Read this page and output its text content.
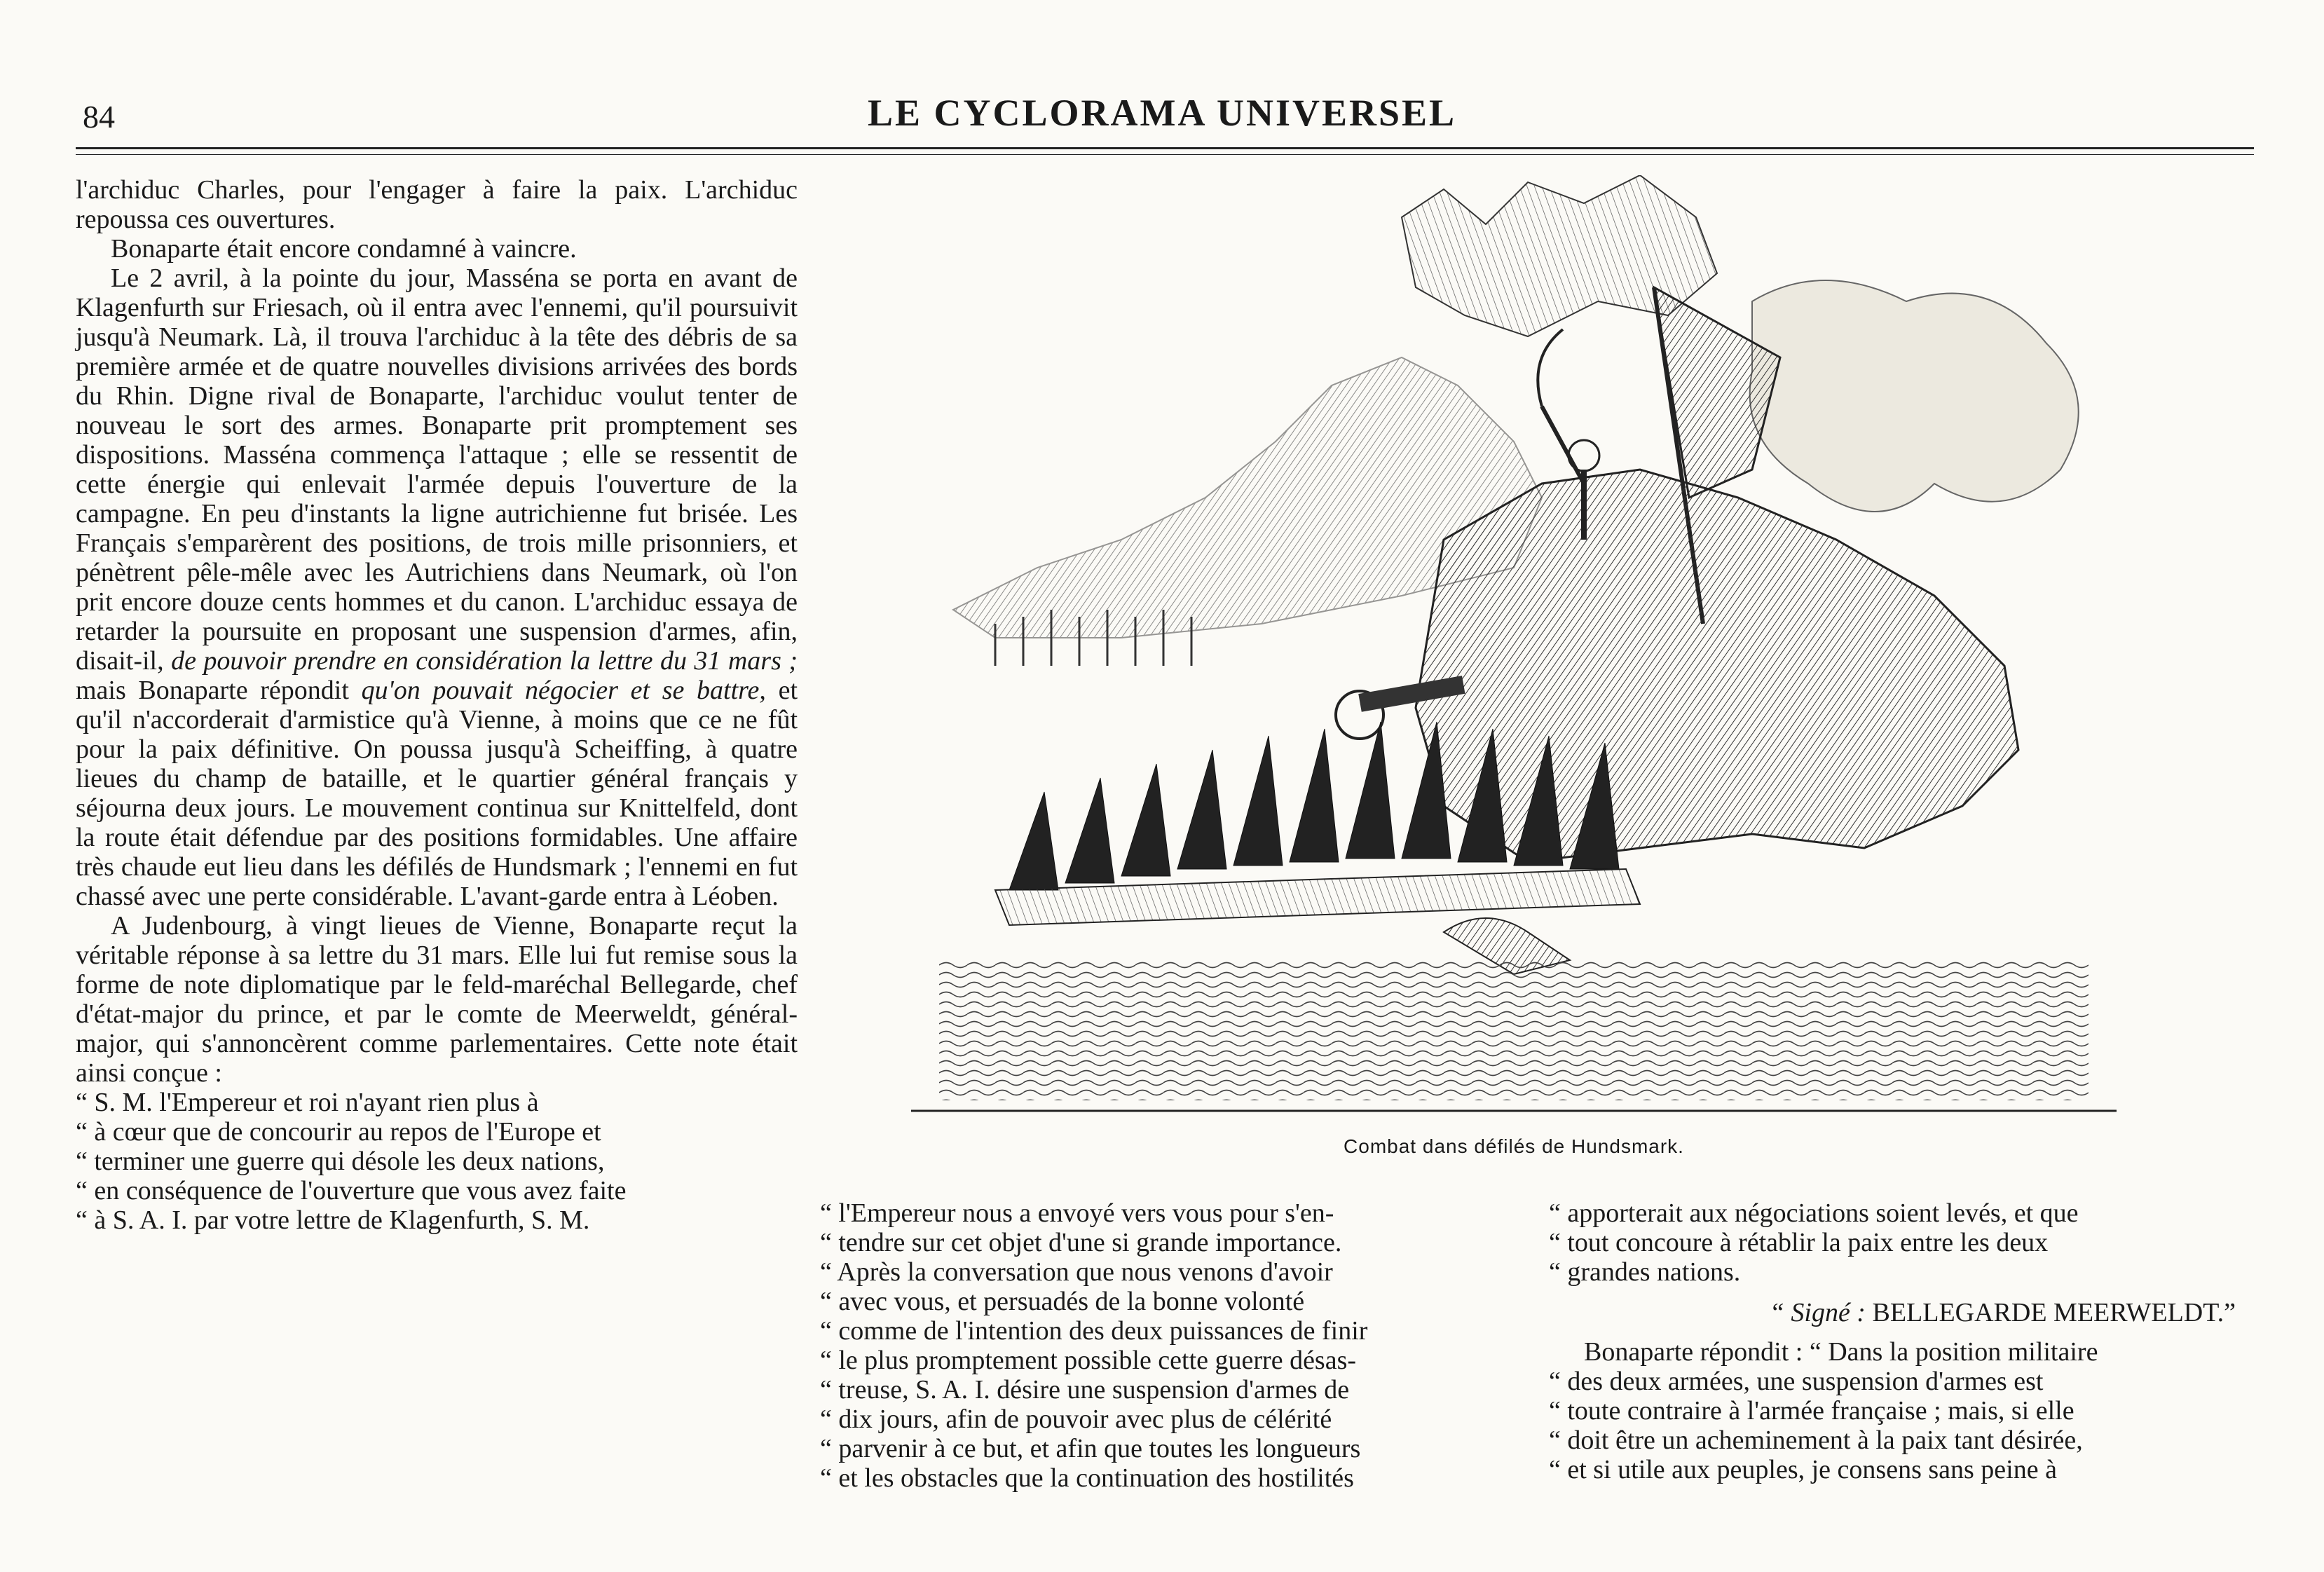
84	LE CYCLORAMA UNIVERSEL

l'archiduc Charles, pour l'engager à faire la paix. L'archiduc repoussa ces ouvertures.

Bonaparte était encore condamné à vaincre.

Le 2 avril, à la pointe du jour, Masséna se porta en avant de Klagenfurth sur Friesach, où il entra avec l'ennemi, qu'il poursuivit jusqu'à Neumark. Là, il trouva l'archiduc à la tête des débris de sa première armée et de quatre nouvelles divisions arrivées des bords du Rhin. Digne rival de Bonaparte, l'archiduc voulut tenter de nouveau le sort des armes. Bonaparte prit promptement ses dispositions. Masséna commença l'attaque ; elle se ressentit de cette énergie qui enlevait l'armée depuis l'ouverture de la campagne. En peu d'instants la ligne autrichienne fut brisée. Les Français s'emparèrent des positions, de trois mille prisonniers, et pénètrent pêle-mêle avec les Autrichiens dans Neumark, où l'on prit encore douze cents hommes et du canon. L'archiduc essaya de retarder la poursuite en proposant une suspension d'armes, afin, disait-il, de pouvoir prendre en considération la lettre du 31 mars ; mais Bonaparte répondit qu'on pouvait négocier et se battre, et qu'il n'accorderait d'armistice qu'à Vienne, à moins que ce ne fût pour la paix définitive. On poussa jusqu'à Scheiffing, à quatre lieues du champ de bataille, et le quartier général français y séjourna deux jours. Le mouvement continua sur Knittelfeld, dont la route était défendue par des positions formidables. Une affaire très chaude eut lieu dans les défilés de Hundsmark ; l'ennemi en fut chassé avec une perte considérable. L'avant-garde entra à Léoben.

A Judenbourg, à vingt lieues de Vienne, Bonaparte reçut la véritable réponse à sa lettre du 31 mars. Elle lui fut remise sous la forme de note diplomatique par le feld-maréchal Bellegarde, chef d'état-major du prince, et par le comte de Meerweldt, général-major, qui s'annoncèrent comme parlementaires. Cette note était ainsi conçue :

“ S. M. l'Empereur et roi n'ayant rien plus à
“ à cœur que de concourir au repos de l'Europe et
“ terminer une guerre qui désole les deux nations,
“ en conséquence de l'ouverture que vous avez faite
“ à S. A. I. par votre lettre de Klagenfurth, S. M.
Combat dans défilés de Hundsmark.
“ l'Empereur nous a envoyé vers vous pour s'en-
“ tendre sur cet objet d'une si grande importance.
“ Après la conversation que nous venons d'avoir
“ avec vous, et persuadés de la bonne volonté
“ comme de l'intention des deux puissances de finir
“ le plus promptement possible cette guerre désas-
“ treuse, S. A. I. désire une suspension d'armes de
“ dix jours, afin de pouvoir avec plus de célérité
“ parvenir à ce but, et afin que toutes les longueurs
“ et les obstacles que la continuation des hostilités
“ apporterait aux négociations soient levés, et que
“ tout concoure à rétablir la paix entre les deux
“ grandes nations.
“ Signé : BELLEGARDE MEERWELDT.”
Bonaparte répondit : “ Dans la position militaire
“ des deux armées, une suspension d'armes est
“ toute contraire à l'armée française ; mais, si elle
“ doit être un acheminement à la paix tant désirée,
“ et si utile aux peuples, je consens sans peine à
